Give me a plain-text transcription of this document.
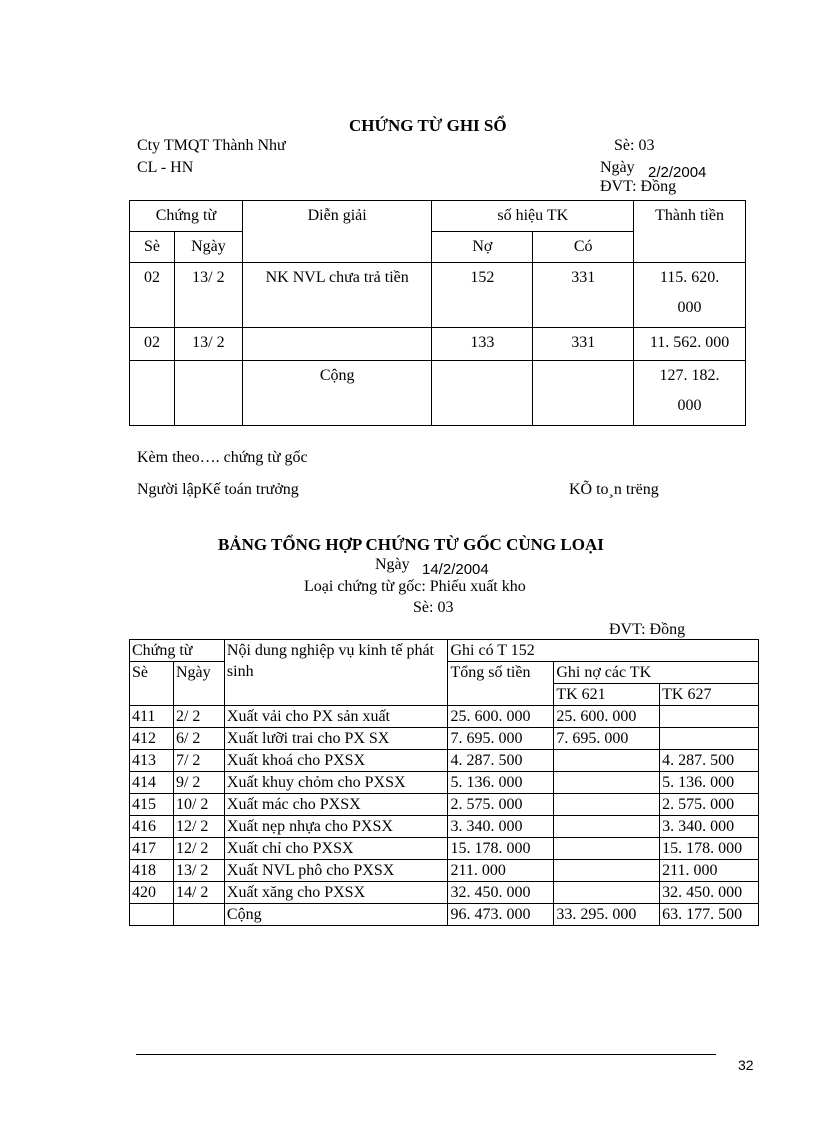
CHỨNG TỪ GHI SỔ
Cty TMQT Thành Như
CL - HN
Sè: 03
Ngày 2/2/2004
ĐVT: Đồng
Chứng từ		Diễn giải	số hiệu TK		Thành tiền
Sè	Ngày		Nợ	Có	
02	13/ 2	NK NVL chưa trả tiền	152	331	115. 620.
000

02	13/ 2		133	331	11. 562. 000
		Cộng			127. 182.
000
Kèm theo…. chứng từ gốc
Người lậpKế toán trưởng	KÕ to¸n trëng
BẢNG TỔNG HỢP CHỨNG TỪ GỐC CÙNG LOẠI
Ngày 14/2/2004
Loại chứng từ gốc: Phiếu xuất kho
Sè: 03
ĐVT: Đồng
Chứng từ		Nội dung nghiệp vụ kinh tế phát sinh	Ghi có T 152		
Sè	Ngày		Tổng số tiền	Ghi nợ các TK	
				TK 621	TK 627
411	2/ 2	Xuất vải cho PX sản xuất	25. 600. 000	25. 600. 000	
412	6/ 2	Xuất lưỡi trai cho PX SX	7. 695. 000	7. 695. 000	
413	7/ 2	Xuất khoá cho PXSX	4. 287. 500		4. 287. 500
414	9/ 2	Xuất khuy chỏm cho PXSX	5. 136. 000		5. 136. 000
415	10/ 2	Xuất mác cho PXSX	2. 575. 000		2. 575. 000
416	12/ 2	Xuất nẹp nhựa cho PXSX	3. 340. 000		3. 340. 000
417	12/ 2	Xuất chỉ cho PXSX	15. 178. 000		15. 178. 000
418	13/ 2	Xuất NVL phô cho PXSX	211. 000		211. 000
420	14/ 2	Xuất xăng cho PXSX	32. 450. 000		32. 450. 000
		Cộng	96. 473. 000	33. 295. 000	63. 177. 500
32
